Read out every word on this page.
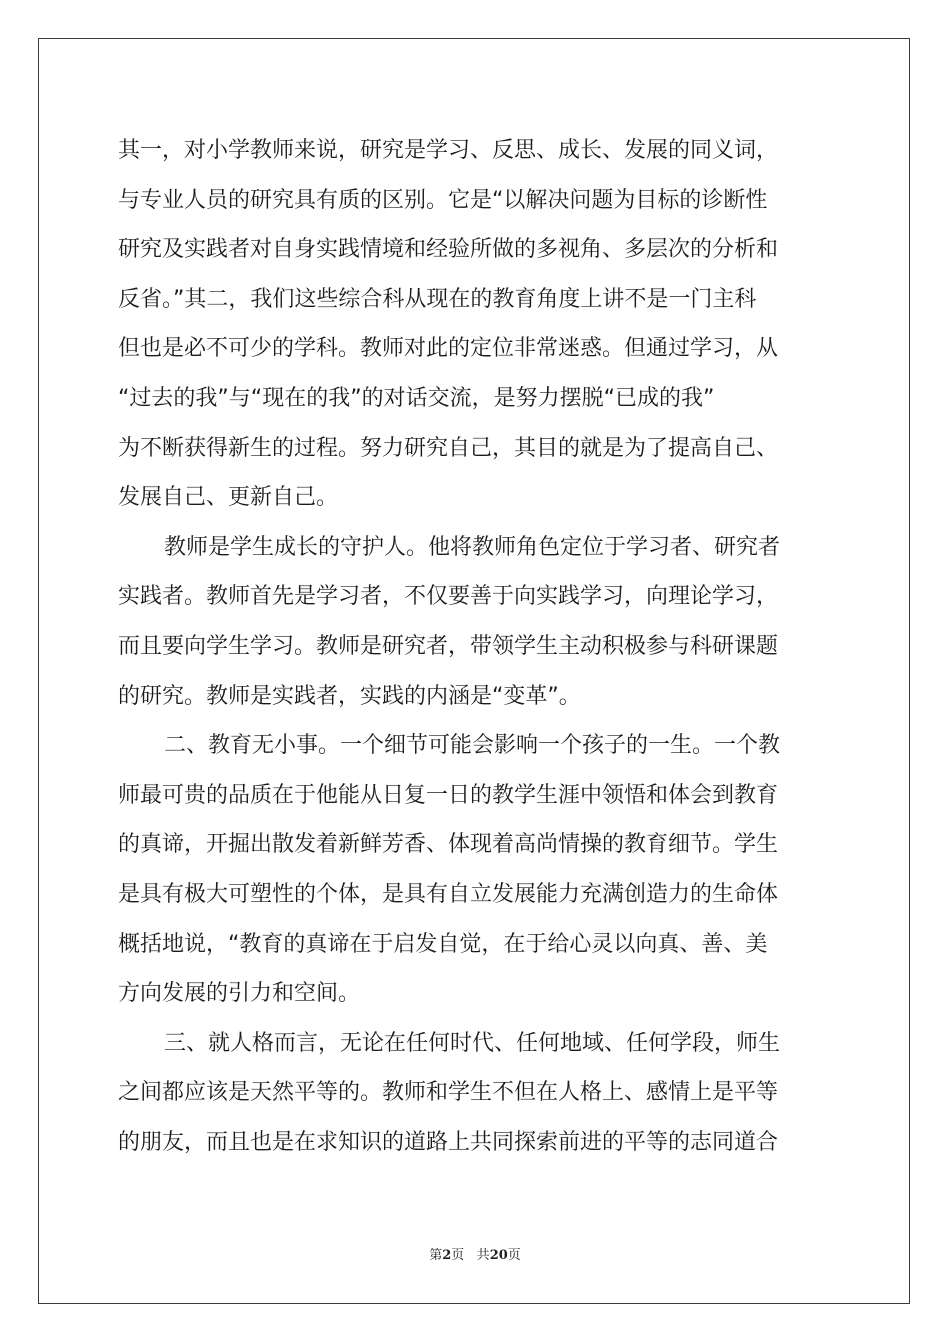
其一，对小学教师来说，研究是学习、反思、成长、发展的同义词，
与专业人员的研究具有质的区别。它是“以解决问题为目标的诊断性
研究及实践者对自身实践情境和经验所做的多视角、多层次的分析和
反省。”其二，我们这些综合科从现在的教育角度上讲不是一门主科
但也是必不可少的学科。教师对此的定位非常迷惑。但通过学习，从
“过去的我”与“现在的我”的对话交流，是努力摆脱“已成的我”
为不断获得新生的过程。努力研究自己，其目的就是为了提高自己、
发展自己、更新自己。
教师是学生成长的守护人。他将教师角色定位于学习者、研究者
实践者。教师首先是学习者，不仅要善于向实践学习，向理论学习，
而且要向学生学习。教师是研究者，带领学生主动积极参与科研课题
的研究。教师是实践者，实践的内涵是“变革”。
二、教育无小事。一个细节可能会影响一个孩子的一生。一个教
师最可贵的品质在于他能从日复一日的教学生涯中领悟和体会到教育
的真谛，开掘出散发着新鲜芳香、体现着高尚情操的教育细节。学生
是具有极大可塑性的个体，是具有自立发展能力充满创造力的生命体
概括地说，“教育的真谛在于启发自觉，在于给心灵以向真、善、美
方向发展的引力和空间。
三、就人格而言，无论在任何时代、任何地域、任何学段，师生
之间都应该是天然平等的。教师和学生不但在人格上、感情上是平等
的朋友，而且也是在求知识的道路上共同探索前进的平等的志同道合
第2页 共20页
